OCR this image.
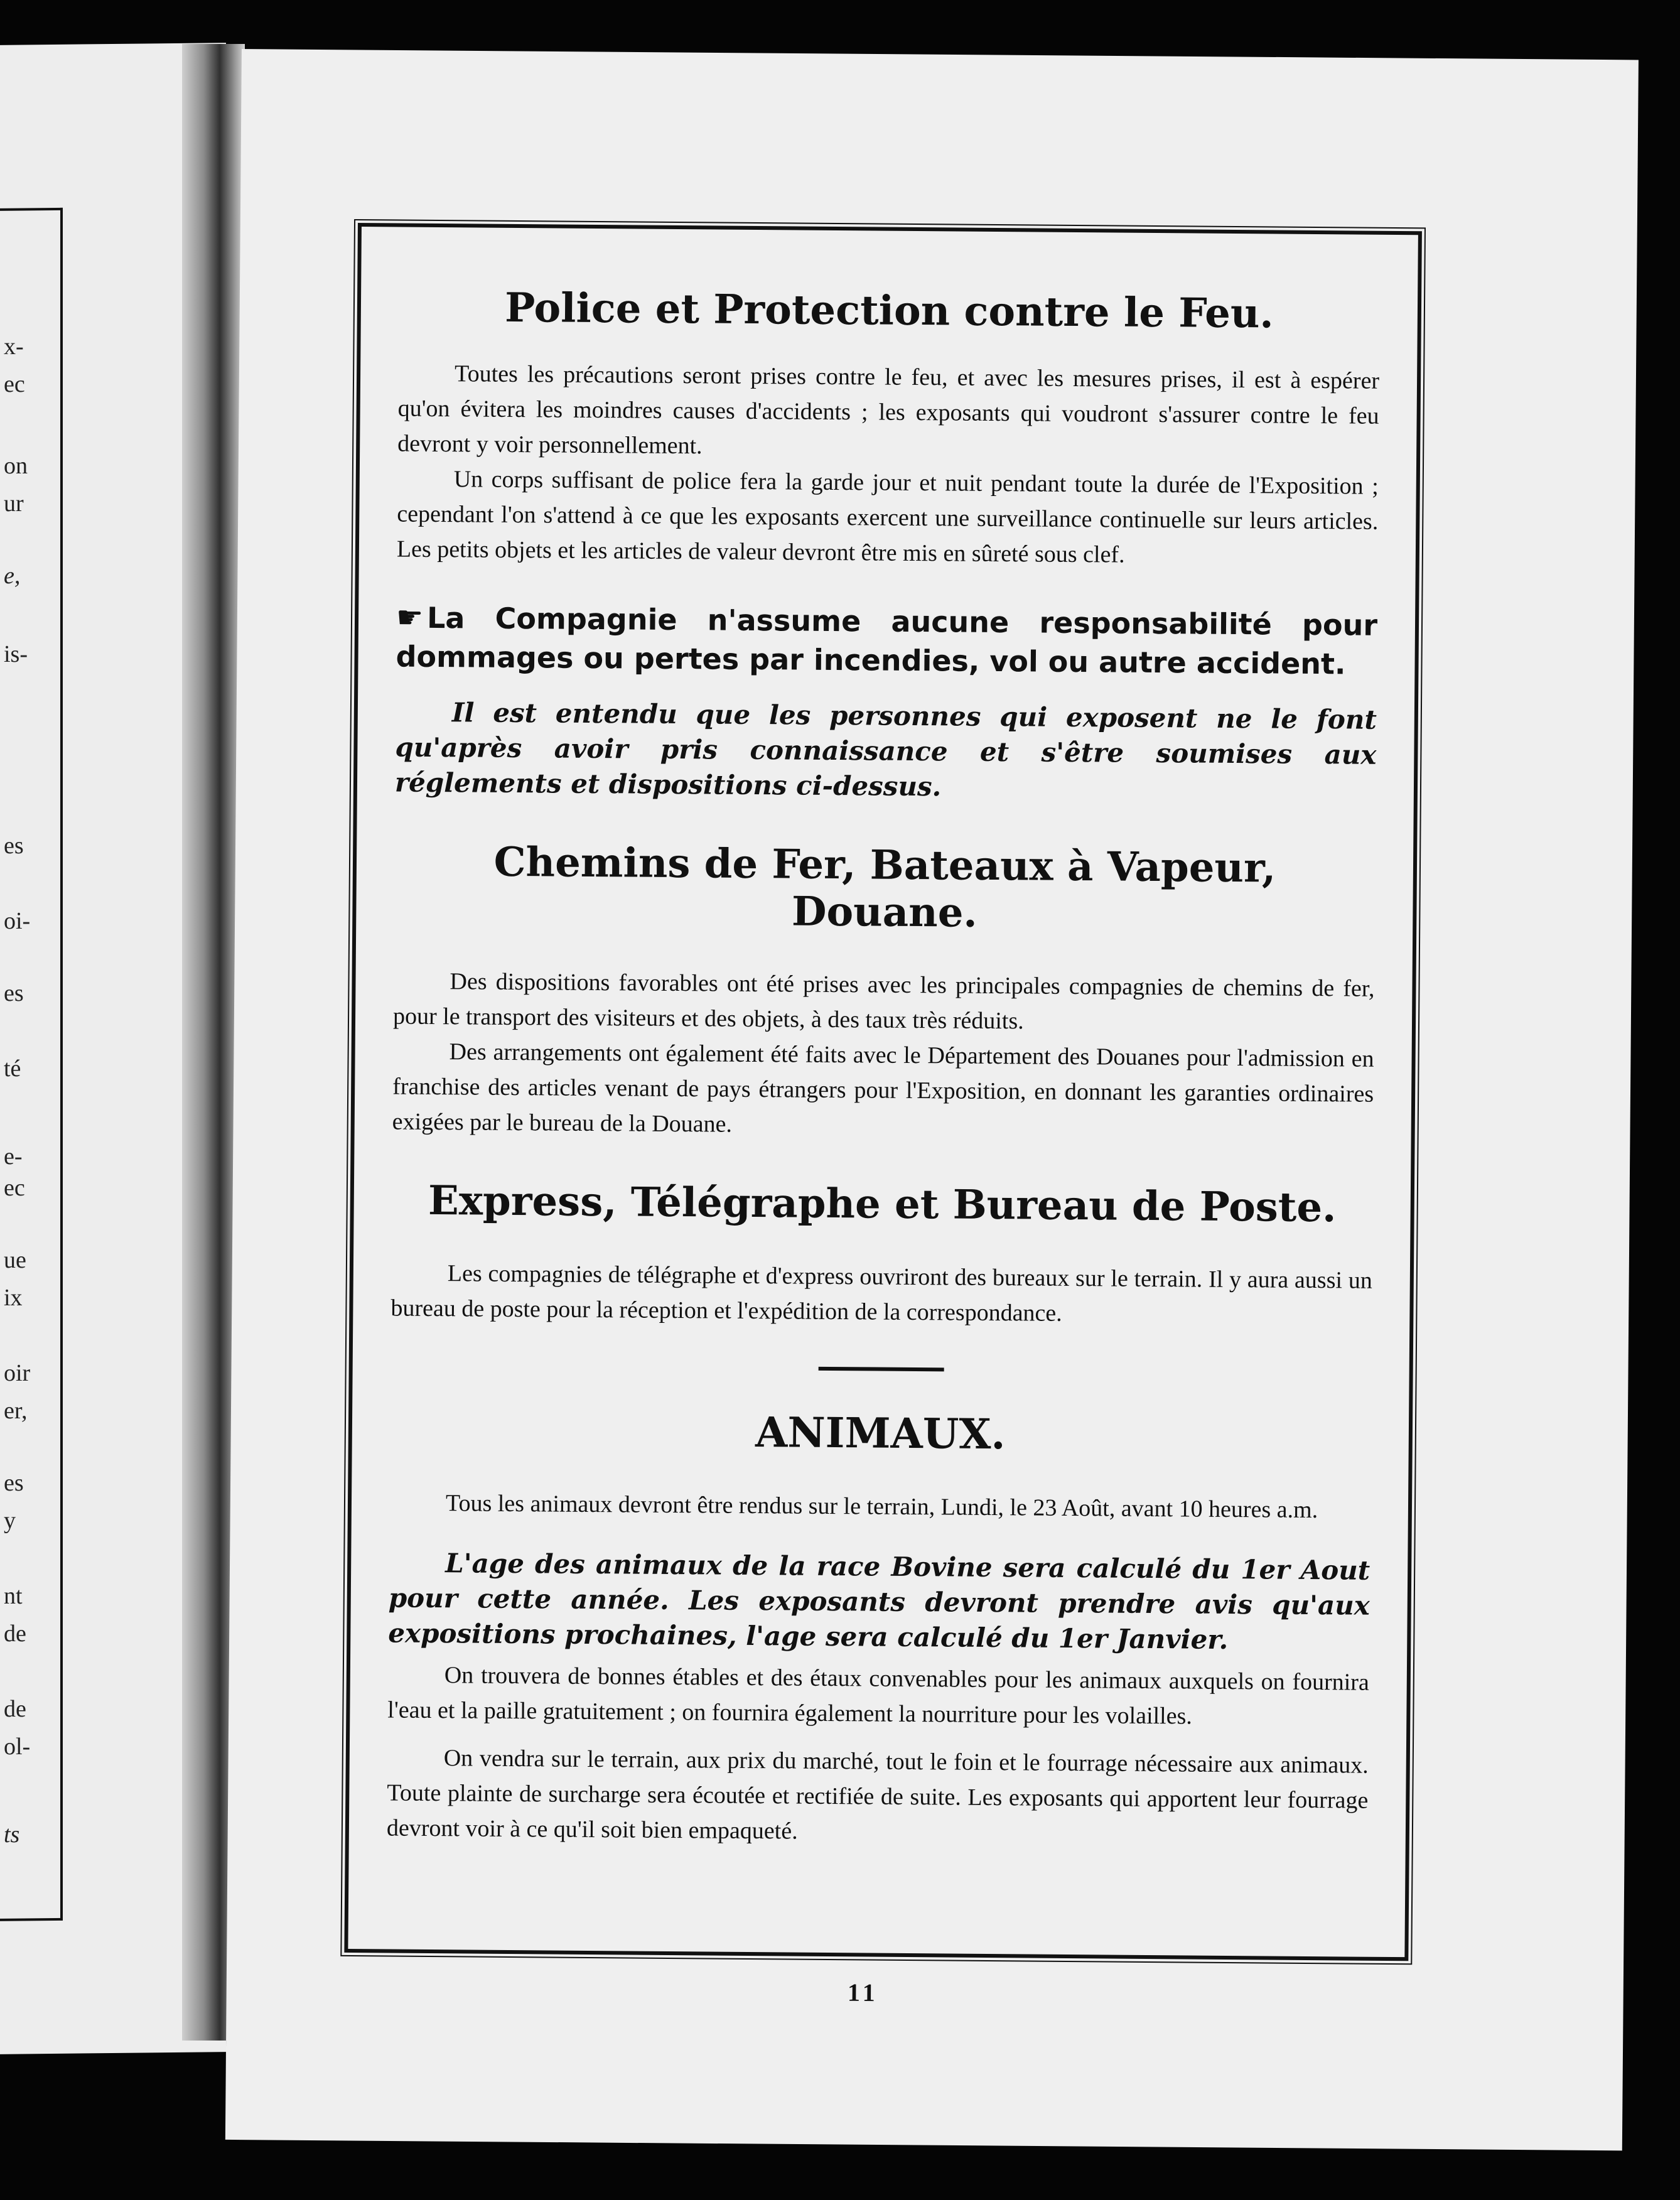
x-
ec
on
ur
e,
is-
es
oi-
es
té
e-
ec
ue
ix
oir
er,
es
y
nt
de
de
ol-
ts
Police et Protection contre le Feu.

Toutes les précautions seront prises contre le feu, et avec les mesures prises, il est à espérer qu'on évitera les moindres causes d'accidents ; les exposants qui voudront s'assurer contre le feu devront y voir personnellement.

Un corps suffisant de police fera la garde jour et nuit pendant toute la durée de l'Exposition ; cependant l'on s'attend à ce que les exposants exercent une surveillance continuelle sur leurs articles. Les petits objets et les articles de valeur devront être mis en sûreté sous clef.

☛ La Compagnie n'assume aucune responsabilité pour dommages ou pertes par incendies, vol ou autre accident.

Il est entendu que les personnes qui exposent ne le font qu'après avoir pris connaissance et s'être soumises aux réglements et dispositions ci-dessus.

Chemins de Fer, Bateaux à Vapeur, Douane.

Des dispositions favorables ont été prises avec les principales compagnies de chemins de fer, pour le transport des visiteurs et des objets, à des taux très réduits.

Des arrangements ont également été faits avec le Département des Douanes pour l'admission en franchise des articles venant de pays étrangers pour l'Exposition, en donnant les garanties ordinaires exigées par le bureau de la Douane.

Express, Télégraphe et Bureau de Poste.

Les compagnies de télégraphe et d'express ouvriront des bureaux sur le terrain. Il y aura aussi un bureau de poste pour la réception et l'expédition de la correspondance.

ANIMAUX.

Tous les animaux devront être rendus sur le terrain, Lundi, le 23 Août, avant 10 heures a.m.

L'age des animaux de la race Bovine sera calculé du 1er Aout pour cette année. Les exposants devront prendre avis qu'aux expositions prochaines, l'age sera calculé du 1er Janvier.

On trouvera de bonnes étables et des étaux convenables pour les animaux auxquels on fournira l'eau et la paille gratuitement ; on fournira également la nourriture pour les volailles.

On vendra sur le terrain, aux prix du marché, tout le foin et le fourrage nécessaire aux animaux. Toute plainte de surcharge sera écoutée et rectifiée de suite. Les exposants qui apportent leur fourrage devront voir à ce qu'il soit bien empaqueté.

11
